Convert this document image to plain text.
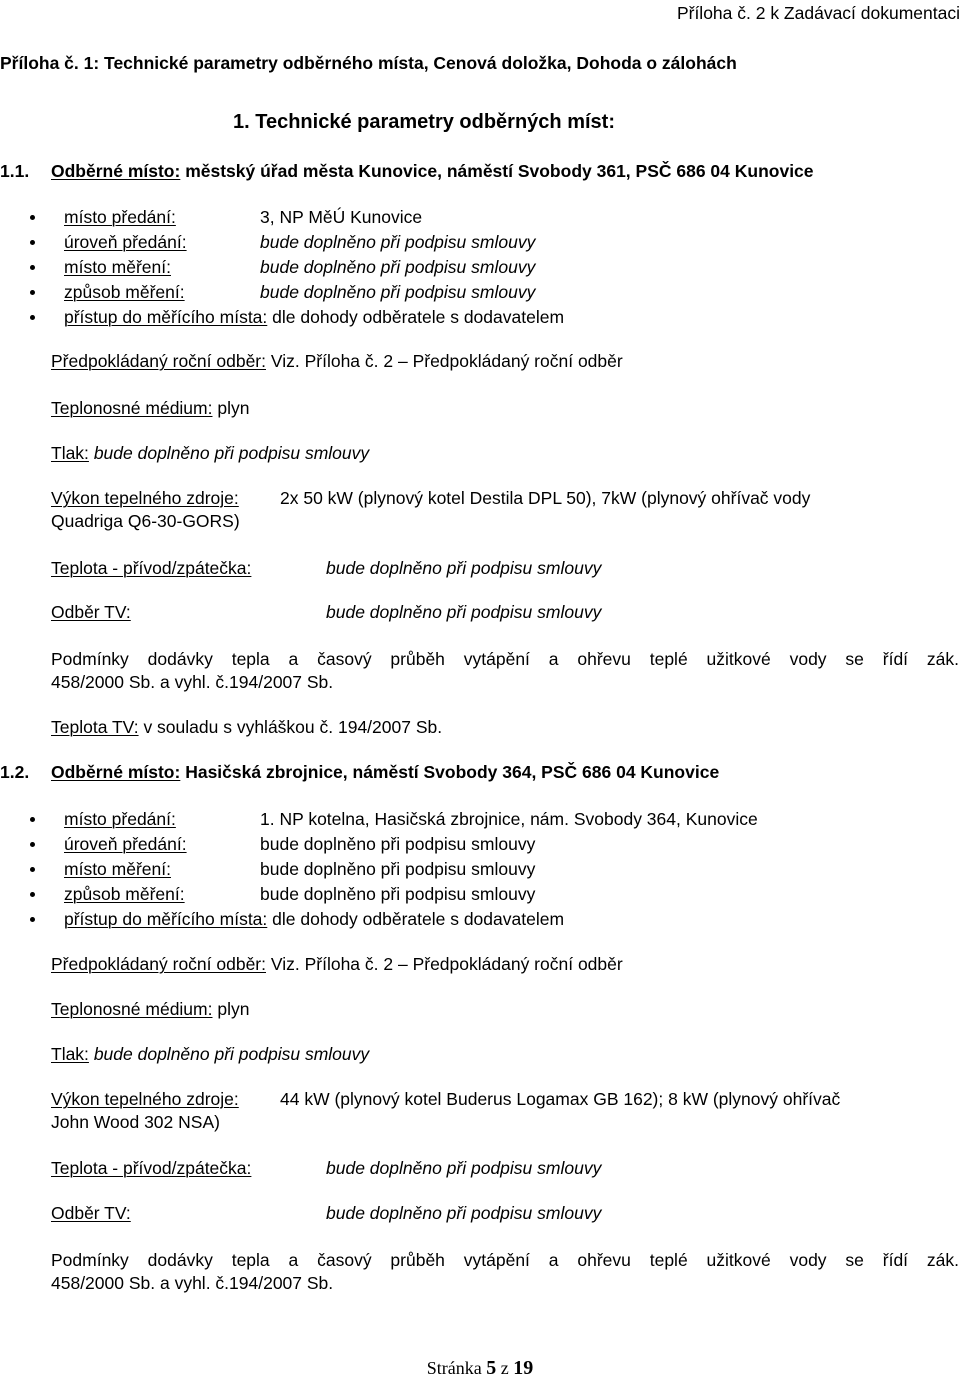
Příloha č. 2 k Zadávací dokumentaci
Příloha č. 1: Technické parametry odběrného místa, Cenová doložka, Dohoda o zálohách
1. Technické parametry odběrných míst:
1.1. Odběrné místo: městský úřad města Kunovice, náměstí Svobody 361, PSČ 686 04 Kunovice
místo předání:	3, NP MěÚ Kunovice
úroveň předání:	bude doplněno při podpisu smlouvy
místo měření:	bude doplněno při podpisu smlouvy
způsob měření:	bude doplněno při podpisu smlouvy
přístup do měřícího místa: dle dohody odběratele s dodavatelem
Předpokládaný roční odběr: Viz. Příloha č. 2 – Předpokládaný roční odběr
Teplonosné médium: plyn
Tlak: bude doplněno při podpisu smlouvy
Výkon tepelného zdroje: 2x 50 kW (plynový kotel Destila DPL 50), 7kW (plynový ohřívač vody
Quadriga Q6-30-GORS)
Teplota - přívod/zpátečka:	bude doplněno při podpisu smlouvy
Odběr TV:	bude doplněno při podpisu smlouvy
Podmínky dodávky tepla a časový průběh vytápění a ohřevu teplé užitkové vody se řídí zák.
458/2000 Sb. a vyhl. č.194/2007 Sb.
Teplota TV: v souladu s vyhláškou č. 194/2007 Sb.
1.2. Odběrné místo: Hasičská zbrojnice, náměstí Svobody 364, PSČ 686 04 Kunovice
místo předání:	1. NP kotelna, Hasičská zbrojnice, nám. Svobody 364, Kunovice
úroveň předání:	bude doplněno při podpisu smlouvy
místo měření:	bude doplněno při podpisu smlouvy
způsob měření:	bude doplněno při podpisu smlouvy
přístup do měřícího místa: dle dohody odběratele s dodavatelem
Předpokládaný roční odběr: Viz. Příloha č. 2 – Předpokládaný roční odběr
Teplonosné médium: plyn
Tlak: bude doplněno při podpisu smlouvy
Výkon tepelného zdroje: 44 kW (plynový kotel Buderus Logamax GB 162); 8 kW (plynový ohřívač
John Wood 302 NSA)
Teplota - přívod/zpátečka:	bude doplněno při podpisu smlouvy
Odběr TV:	bude doplněno při podpisu smlouvy
Podmínky dodávky tepla a časový průběh vytápění a ohřevu teplé užitkové vody se řídí zák.
458/2000 Sb. a vyhl. č.194/2007 Sb.
Stránka 5 z 19
